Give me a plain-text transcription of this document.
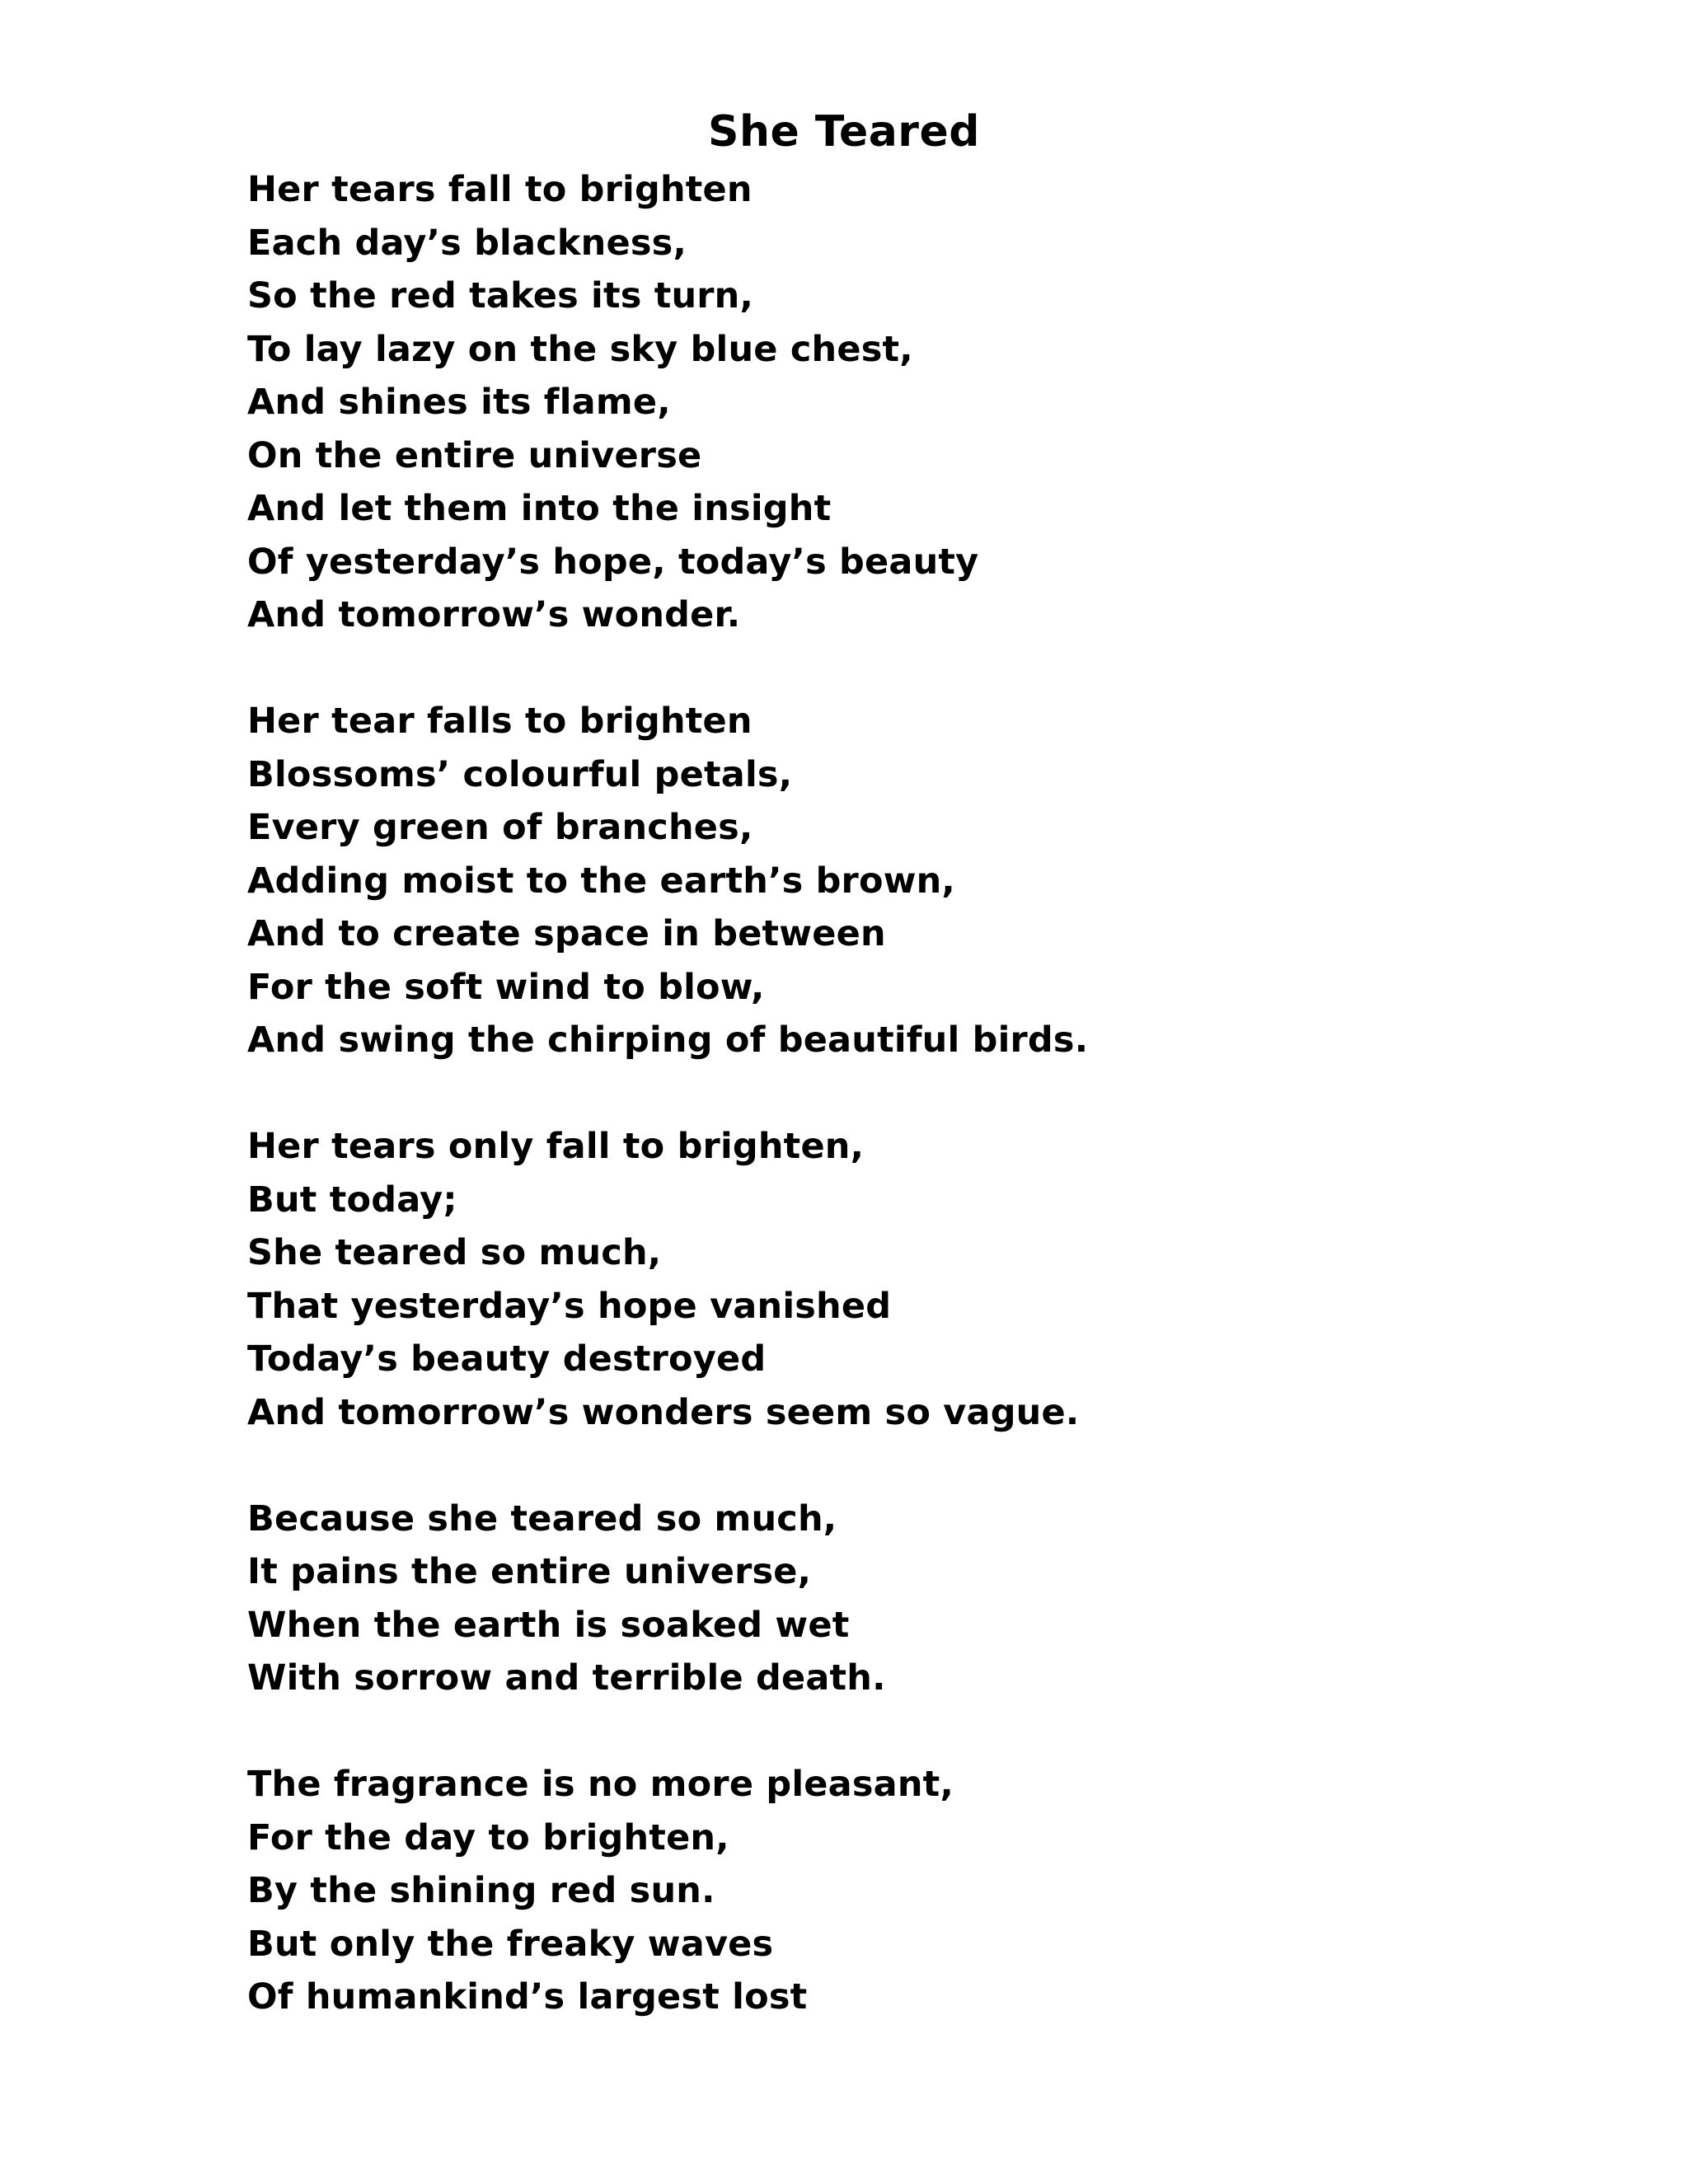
She Teared
Her tears fall to brighten
Each day’s blackness,
So the red takes its turn,
To lay lazy on the sky blue chest,
And shines its flame,
On the entire universe
And let them into the insight
Of yesterday’s hope, today’s beauty
And tomorrow’s wonder.
Her tear falls to brighten
Blossoms’ colourful petals,
Every green of branches,
Adding moist to the earth’s brown,
And to create space in between
For the soft wind to blow,
And swing the chirping of beautiful birds.
Her tears only fall to brighten,
But today;
She teared so much,
That yesterday’s hope vanished
Today’s beauty destroyed
And tomorrow’s wonders seem so vague.
Because she teared so much,
It pains the entire universe,
When the earth is soaked wet
With sorrow and terrible death.
The fragrance is no more pleasant,
For the day to brighten,
By the shining red sun.
But only the freaky waves
Of humankind’s largest lost
